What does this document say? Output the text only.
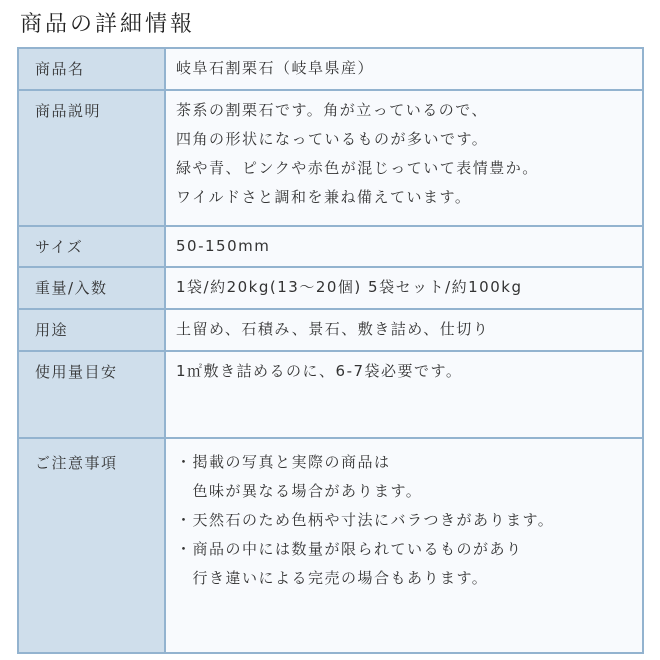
商品の詳細情報
商品名	岐阜石割栗石（岐阜県産）

商品説明	茶系の割栗石です。角が立っているので、
四角の形状になっているものが多いです。
緑や青、ピンクや赤色が混じっていて表情豊か。
ワイルドさと調和を兼ね備えています。

サイズ	50-150mm

重量/入数	1袋/約20kg(13～20個) 5袋セット/約100kg

用途	土留め、石積み、景石、敷き詰め、仕切り

使用量目安	1㎡敷き詰めるのに、6-7袋必要です。

ご注意事項	・掲載の写真と実際の商品は
　色味が異なる場合があります。
・天然石のため色柄や寸法にバラつきがあります。
・商品の中には数量が限られているものがあり
　行き違いによる完売の場合もあります。
